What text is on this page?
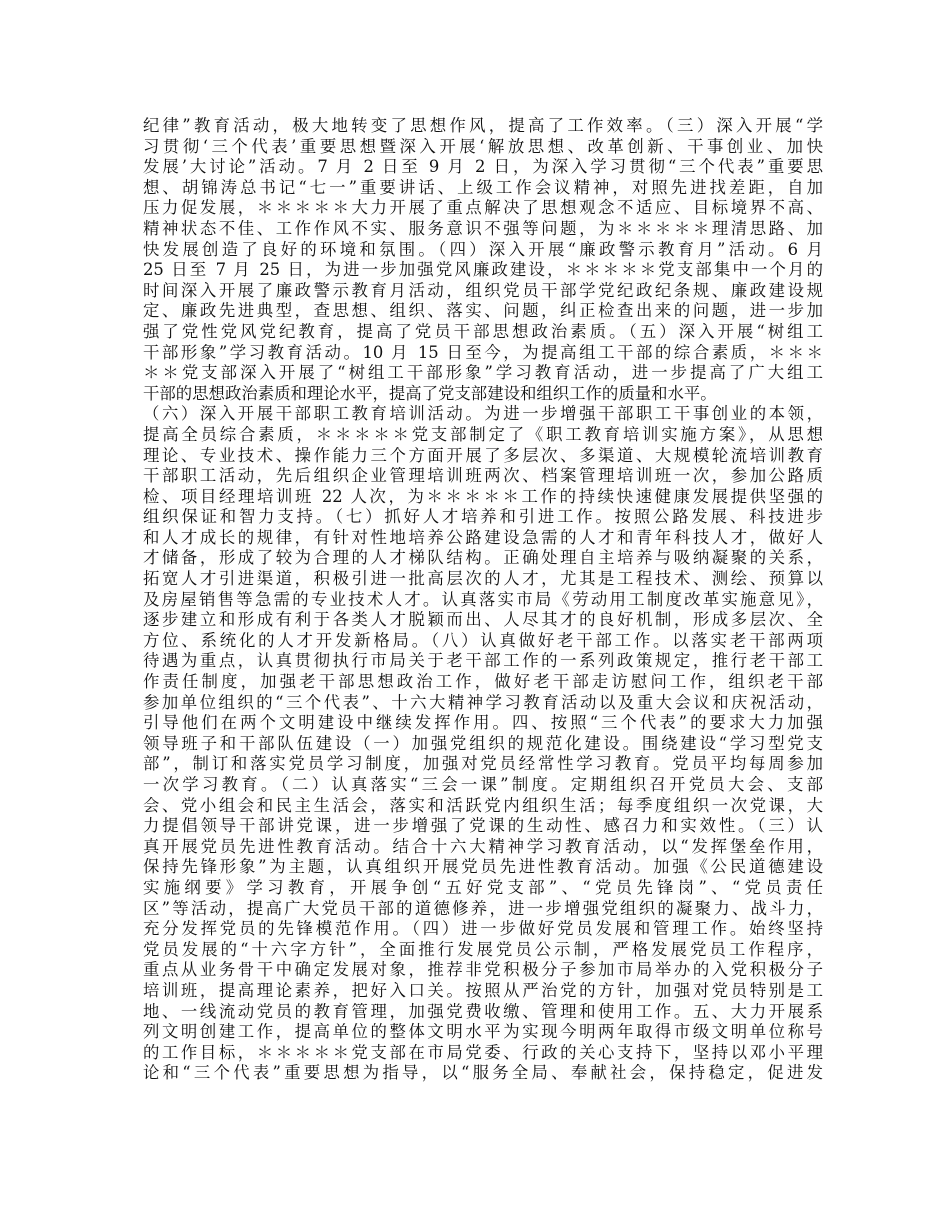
纪律”教育活动，极大地转变了思想作风，提高了工作效率。（三）深入开展“学
习贯彻‘三个代表’重要思想暨深入开展‘解放思想、改革创新、干事创业、加快
发展’大讨论”活动。7 月 2 日至 9 月 2 日，为深入学习贯彻“三个代表”重要思
想、胡锦涛总书记“七一”重要讲话、上级工作会议精神，对照先进找差距，自加
压力促发展，＊＊＊＊＊大力开展了重点解决了思想观念不适应、目标境界不高、
精神状态不佳、工作作风不实、服务意识不强等问题，为＊＊＊＊＊理清思路、加
快发展创造了良好的环境和氛围。（四）深入开展“廉政警示教育月”活动。6 月
25 日至 7 月 25 日，为进一步加强党风廉政建设，＊＊＊＊＊党支部集中一个月的
时间深入开展了廉政警示教育月活动，组织党员干部学党纪政纪条规、廉政建设规
定、廉政先进典型，查思想、组织、落实、问题，纠正检查出来的问题，进一步加
强了党性党风党纪教育，提高了党员干部思想政治素质。（五）深入开展“树组工
干部形象”学习教育活动。10 月 15 日至今，为提高组工干部的综合素质，＊＊＊
＊＊党支部深入开展了“树组工干部形象”学习教育活动，进一步提高了广大组工
干部的思想政治素质和理论水平，提高了党支部建设和组织工作的质量和水平。
（六）深入开展干部职工教育培训活动。为进一步增强干部职工干事创业的本领，
提高全员综合素质，＊＊＊＊＊党支部制定了《职工教育培训实施方案》，从思想
理论、专业技术、操作能力三个方面开展了多层次、多渠道、大规模轮流培训教育
干部职工活动，先后组织企业管理培训班两次、档案管理培训班一次，参加公路质
检、项目经理培训班 22 人次，为＊＊＊＊＊工作的持续快速健康发展提供坚强的
组织保证和智力支持。（七）抓好人才培养和引进工作。按照公路发展、科技进步
和人才成长的规律，有针对性地培养公路建设急需的人才和青年科技人才，做好人
才储备，形成了较为合理的人才梯队结构。正确处理自主培养与吸纳凝聚的关系，
拓宽人才引进渠道，积极引进一批高层次的人才，尤其是工程技术、测绘、预算以
及房屋销售等急需的专业技术人才。认真落实市局《劳动用工制度改革实施意见》，
逐步建立和形成有利于各类人才脱颖而出、人尽其才的良好机制，形成多层次、全
方位、系统化的人才开发新格局。（八）认真做好老干部工作。以落实老干部两项
待遇为重点，认真贯彻执行市局关于老干部工作的一系列政策规定，推行老干部工
作责任制度，加强老干部思想政治工作，做好老干部走访慰问工作，组织老干部
参加单位组织的“三个代表”、十六大精神学习教育活动以及重大会议和庆祝活动，
引导他们在两个文明建设中继续发挥作用。四、按照“三个代表”的要求大力加强
领导班子和干部队伍建设（一）加强党组织的规范化建设。围绕建设“学习型党支
部”，制订和落实党员学习制度，加强对党员经常性学习教育。党员平均每周参加
一次学习教育。（二）认真落实“三会一课”制度。定期组织召开党员大会、支部
会、党小组会和民主生活会，落实和活跃党内组织生活；每季度组织一次党课，大
力提倡领导干部讲党课，进一步增强了党课的生动性、感召力和实效性。（三）认
真开展党员先进性教育活动。结合十六大精神学习教育活动，以“发挥堡垒作用，
保持先锋形象”为主题，认真组织开展党员先进性教育活动。加强《公民道德建设
实施纲要》学习教育，开展争创“五好党支部”、“党员先锋岗”、“党员责任
区”等活动，提高广大党员干部的道德修养，进一步增强党组织的凝聚力、战斗力，
充分发挥党员的先锋模范作用。（四）进一步做好党员发展和管理工作。始终坚持
党员发展的“十六字方针”，全面推行发展党员公示制，严格发展党员工作程序，
重点从业务骨干中确定发展对象，推荐非党积极分子参加市局举办的入党积极分子
培训班，提高理论素养，把好入口关。按照从严治党的方针，加强对党员特别是工
地、一线流动党员的教育管理，加强党费收缴、管理和使用工作。五、大力开展系
列文明创建工作，提高单位的整体文明水平为实现今明两年取得市级文明单位称号
的工作目标，＊＊＊＊＊党支部在市局党委、行政的关心支持下，坚持以邓小平理
论和“三个代表”重要思想为指导，以“服务全局、奉献社会，保持稳定，促进发
